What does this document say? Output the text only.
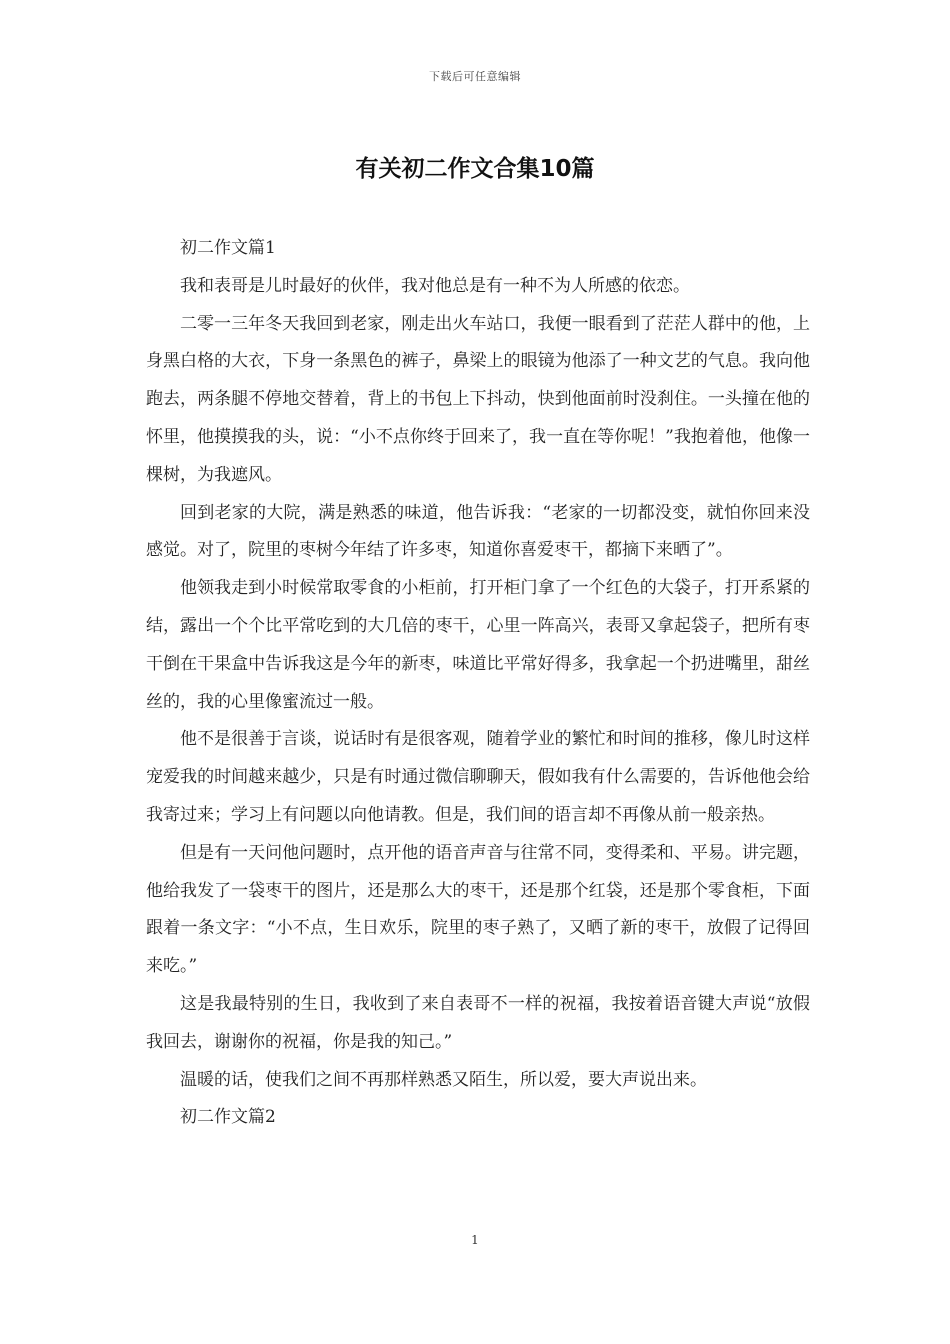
下载后可任意编辑
有关初二作文合集10篇

初二作文篇1

我和表哥是儿时最好的伙伴，我对他总是有一种不为人所感的依恋。

二零一三年冬天我回到老家，刚走出火车站口，我便一眼看到了茫茫人群中的他，上身黑白格的大衣，下身一条黑色的裤子，鼻梁上的眼镜为他添了一种文艺的气息。我向他跑去，两条腿不停地交替着，背上的书包上下抖动，快到他面前时没刹住。一头撞在他的怀里，他摸摸我的头，说：“小不点你终于回来了，我一直在等你呢！”我抱着他，他像一棵树，为我遮风。

回到老家的大院，满是熟悉的味道，他告诉我：“老家的一切都没变，就怕你回来没感觉。对了，院里的枣树今年结了许多枣，知道你喜爱枣干，都摘下来晒了”。

他领我走到小时候常取零食的小柜前，打开柜门拿了一个红色的大袋子，打开系紧的结，露出一个个比平常吃到的大几倍的枣干，心里一阵高兴，表哥又拿起袋子，把所有枣干倒在干果盒中告诉我这是今年的新枣，味道比平常好得多，我拿起一个扔进嘴里，甜丝丝的，我的心里像蜜流过一般。

他不是很善于言谈，说话时有是很客观，随着学业的繁忙和时间的推移，像儿时这样宠爱我的时间越来越少，只是有时通过微信聊聊天，假如我有什么需要的，告诉他他会给我寄过来；学习上有问题以向他请教。但是，我们间的语言却不再像从前一般亲热。

但是有一天问他问题时，点开他的语音声音与往常不同，变得柔和、平易。讲完题，他给我发了一袋枣干的图片，还是那么大的枣干，还是那个红袋，还是那个零食柜，下面跟着一条文字：“小不点，生日欢乐，院里的枣子熟了，又晒了新的枣干，放假了记得回来吃。”

这是我最特别的生日，我收到了来自表哥不一样的祝福，我按着语音键大声说“放假我回去，谢谢你的祝福，你是我的知己。”

温暖的话，使我们之间不再那样熟悉又陌生，所以爱，要大声说出来。

初二作文篇2

1
